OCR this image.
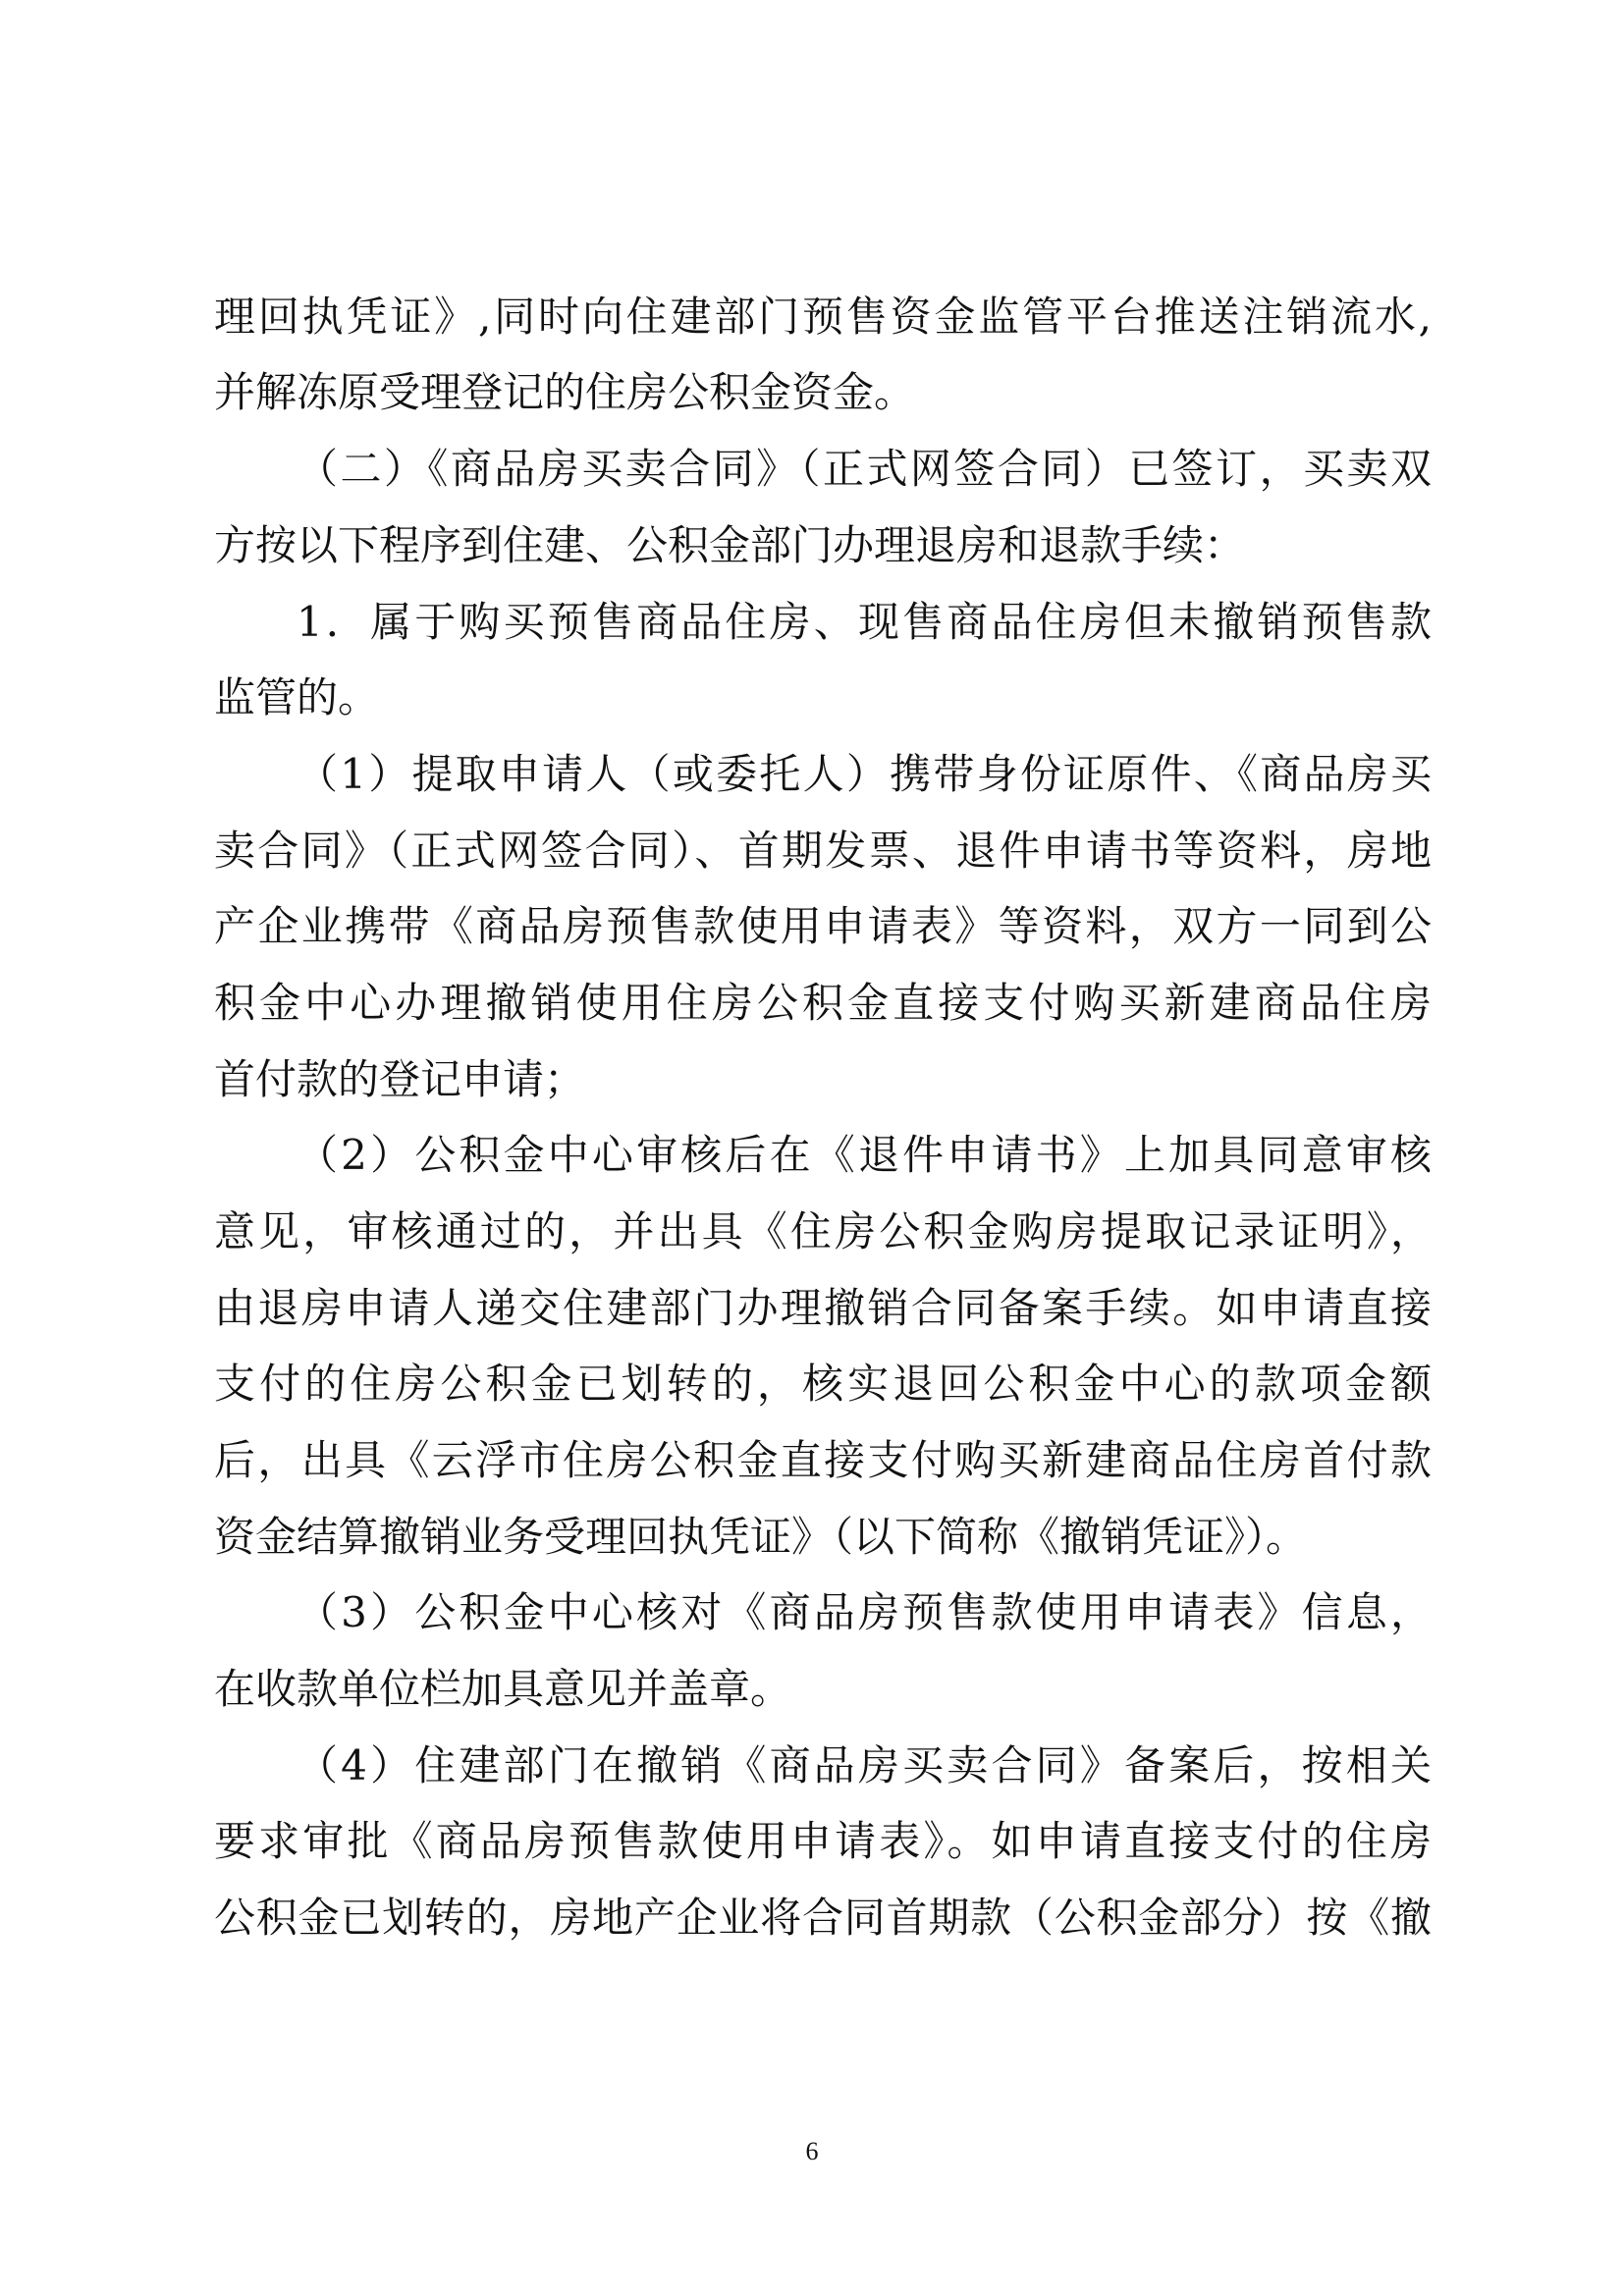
理回执凭证》,同时向住建部门预售资金监管平台推送注销流水,
并解冻原受理登记的住房公积金资金。
（二）《商品房买卖合同》（正式网签合同）已签订，买卖双
方按以下程序到住建、公积金部门办理退房和退款手续：
1．属于购买预售商品住房、现售商品住房但未撤销预售款
监管的。
（1）提取申请人（或委托人）携带身份证原件、《商品房买
卖合同》（正式网签合同）、首期发票、退件申请书等资料，房地
产企业携带《商品房预售款使用申请表》等资料，双方一同到公
积金中心办理撤销使用住房公积金直接支付购买新建商品住房
首付款的登记申请；
（2）公积金中心审核后在《退件申请书》上加具同意审核
意见，审核通过的，并出具《住房公积金购房提取记录证明》，
由退房申请人递交住建部门办理撤销合同备案手续。如申请直接
支付的住房公积金已划转的，核实退回公积金中心的款项金额
后，出具《云浮市住房公积金直接支付购买新建商品住房首付款
资金结算撤销业务受理回执凭证》（以下简称《撤销凭证》）。
（3）公积金中心核对《商品房预售款使用申请表》信息，
在收款单位栏加具意见并盖章。
（4）住建部门在撤销《商品房买卖合同》备案后，按相关
要求审批《商品房预售款使用申请表》。如申请直接支付的住房
公积金已划转的，房地产企业将合同首期款（公积金部分）按《撤
6
